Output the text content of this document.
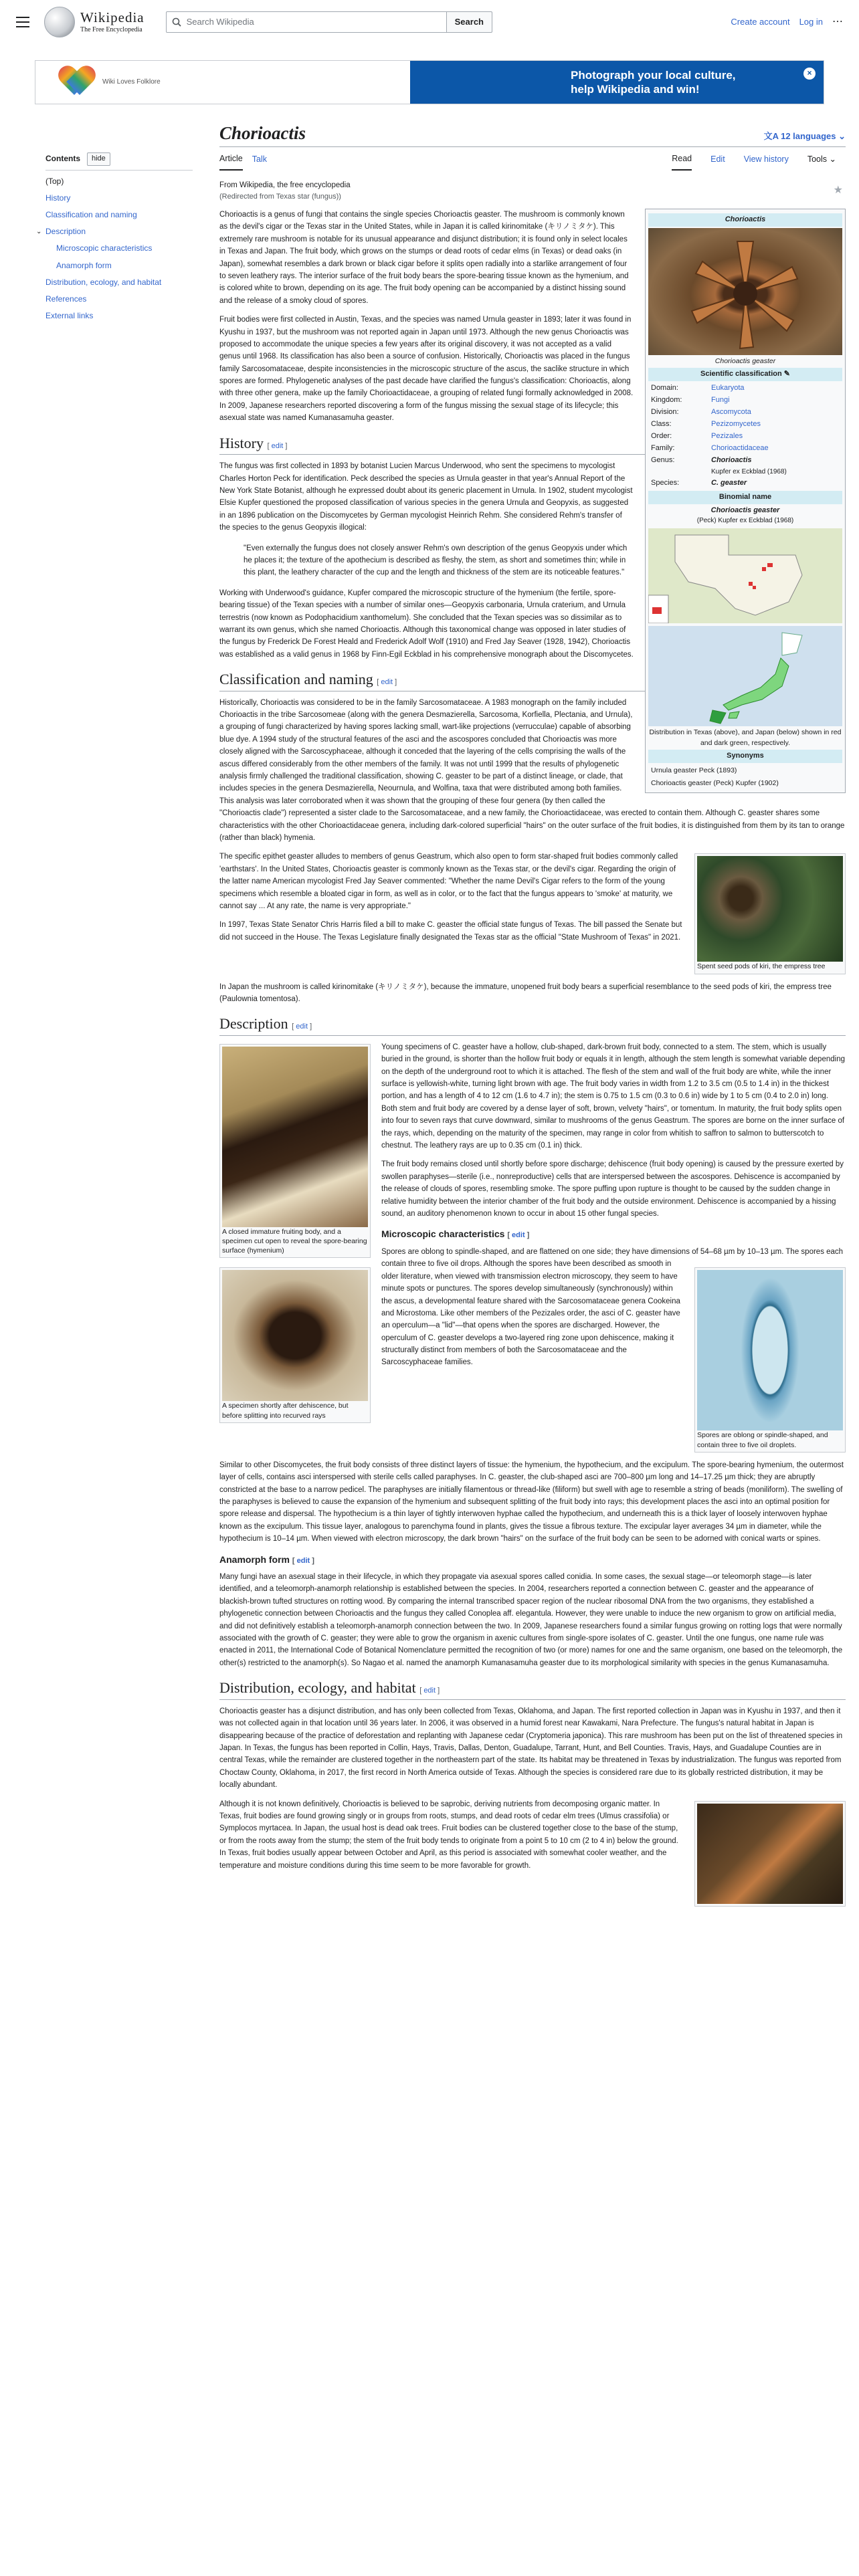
Wikipedia
The Free Encyclopedia
Search Wikipedia	Search	Create account Log in ⋯
Wiki Loves Folklore
Photograph your local culture,
help Wikipedia and win!
×
Contents	hide
(Top)
History
Classification and naming
Description
⌄
Microscopic characteristics
Anamorph form
Distribution, ecology, and habitat
References
External links
Chorioactis	文A 12 languages ⌄
Article Talk	Read Edit View history Tools ⌄
★
From Wikipedia, the free encyclopedia
(Redirected from Texas star (fungus))
Chorioactis
Chorioactis geaster
Scientific classification ✎
Domain:	Eukaryota
Kingdom:	Fungi
Division:	Ascomycota
Class:	Pezizomycetes
Order:	Pezizales
Family:	Chorioactidaceae
Genus:	Chorioactis
Kupfer ex Eckblad (1968)
Species:	C. geaster
Binomial name
Chorioactis geaster
(Peck) Kupfer ex Eckblad (1968)
Distribution in Texas (above), and Japan (below) shown in red and dark green, respectively.
Synonyms
Urnula geaster Peck (1893)
Chorioactis geaster (Peck) Kupfer (1902)

Chorioactis is a genus of fungi that contains the single species Chorioactis geaster. The mushroom is commonly known as the devil's cigar or the Texas star in the United States, while in Japan it is called kirinomitake (キリノミタケ). This extremely rare mushroom is notable for its unusual appearance and disjunct distribution; it is found only in select locales in Texas and Japan. The fruit body, which grows on the stumps or dead roots of cedar elms (in Texas) or dead oaks (in Japan), somewhat resembles a dark brown or black cigar before it splits open radially into a starlike arrangement of four to seven leathery rays. The interior surface of the fruit body bears the spore-bearing tissue known as the hymenium, and is colored white to brown, depending on its age. The fruit body opening can be accompanied by a distinct hissing sound and the release of a smoky cloud of spores.

Fruit bodies were first collected in Austin, Texas, and the species was named Urnula geaster in 1893; later it was found in Kyushu in 1937, but the mushroom was not reported again in Japan until 1973. Although the new genus Chorioactis was proposed to accommodate the unique species a few years after its original discovery, it was not accepted as a valid genus until 1968. Its classification has also been a source of confusion. Historically, Chorioactis was placed in the fungus family Sarcosomataceae, despite inconsistencies in the microscopic structure of the ascus, the saclike structure in which spores are formed. Phylogenetic analyses of the past decade have clarified the fungus's classification: Chorioactis, along with three other genera, make up the family Chorioactidaceae, a grouping of related fungi formally acknowledged in 2008. In 2009, Japanese researchers reported discovering a form of the fungus missing the sexual stage of its lifecycle; this asexual state was named Kumanasamuha geaster.

History [ edit ]

The fungus was first collected in 1893 by botanist Lucien Marcus Underwood, who sent the specimens to mycologist Charles Horton Peck for identification. Peck described the species as Urnula geaster in that year's Annual Report of the New York State Botanist, although he expressed doubt about its generic placement in Urnula. In 1902, student mycologist Elsie Kupfer questioned the proposed classification of various species in the genera Urnula and Geopyxis, as suggested in an 1896 publication on the Discomycetes by German mycologist Heinrich Rehm. She considered Rehm's transfer of the species to the genus Geopyxis illogical:

"Even externally the fungus does not closely answer Rehm's own description of the genus Geopyxis under which he places it; the texture of the apothecium is described as fleshy, the stem, as short and sometimes thin; while in this plant, the leathery character of the cup and the length and thickness of the stem are its noticeable features."

Working with Underwood's guidance, Kupfer compared the microscopic structure of the hymenium (the fertile, spore-bearing tissue) of the Texan species with a number of similar ones—Geopyxis carbonaria, Urnula craterium, and Urnula terrestris (now known as Podophacidium xanthomelum). She concluded that the Texan species was so dissimilar as to warrant its own genus, which she named Chorioactis. Although this taxonomical change was opposed in later studies of the fungus by Frederick De Forest Heald and Frederick Adolf Wolf (1910) and Fred Jay Seaver (1928, 1942), Chorioactis was established as a valid genus in 1968 by Finn-Egil Eckblad in his comprehensive monograph about the Discomycetes.

Classification and naming [ edit ]

Historically, Chorioactis was considered to be in the family Sarcosomataceae. A 1983 monograph on the family included Chorioactis in the tribe Sarcosomeae (along with the genera Desmazierella, Sarcosoma, Korfiella, Plectania, and Urnula), a grouping of fungi characterized by having spores lacking small, wart-like projections (verrucculae) capable of absorbing blue dye. A 1994 study of the structural features of the asci and the ascospores concluded that Chorioactis was more closely aligned with the Sarcoscyphaceae, although it conceded that the layering of the cells comprising the walls of the ascus differed considerably from the other members of the family. It was not until 1999 that the results of phylogenetic analysis firmly challenged the traditional classification, showing C. geaster to be part of a distinct lineage, or clade, that includes species in the genera Desmazierella, Neournula, and Wolfina, taxa that were distributed among both families. This analysis was later corroborated when it was shown that the grouping of these four genera (by then called the "Chorioactis clade") represented a sister clade to the Sarcosomataceae, and a new family, the Chorioactidaceae, was erected to contain them. Although C. geaster shares some characteristics with the other Chorioactidaceae genera, including dark-colored superficial "hairs" on the outer surface of the fruit bodies, it is distinguished from them by its tan to orange (rather than black) hymenia.

Spent seed pods of kiri, the empress tree

The specific epithet geaster alludes to members of genus Geastrum, which also open to form star-shaped fruit bodies commonly called 'earthstars'. In the United States, Chorioactis geaster is commonly known as the Texas star, or the devil's cigar. Regarding the origin of the latter name American mycologist Fred Jay Seaver commented: "Whether the name Devil's Cigar refers to the form of the young specimens which resemble a bloated cigar in form, as well as in color, or to the fact that the fungus appears to 'smoke' at maturity, we cannot say ... At any rate, the name is very appropriate."

In 1997, Texas State Senator Chris Harris filed a bill to make C. geaster the official state fungus of Texas. The bill passed the Senate but did not succeed in the House. The Texas Legislature finally designated the Texas star as the official "State Mushroom of Texas" in 2021.

In Japan the mushroom is called kirinomitake (キリノミタケ), because the immature, unopened fruit body bears a superficial resemblance to the seed pods of kiri, the empress tree (Paulownia tomentosa).

Description [ edit ]
A closed immature fruiting body, and a specimen cut open to reveal the spore-bearing surface (hymenium)

Young specimens of C. geaster have a hollow, club-shaped, dark-brown fruit body, connected to a stem. The stem, which is usually buried in the ground, is shorter than the hollow fruit body or equals it in length, although the stem length is somewhat variable depending on the depth of the underground root to which it is attached. The flesh of the stem and wall of the fruit body are white, while the inner surface is yellowish-white, turning light brown with age. The fruit body varies in width from 1.2 to 3.5 cm (0.5 to 1.4 in) in the thickest portion, and has a length of 4 to 12 cm (1.6 to 4.7 in); the stem is 0.75 to 1.5 cm (0.3 to 0.6 in) wide by 1 to 5 cm (0.4 to 2.0 in) long. Both stem and fruit body are covered by a dense layer of soft, brown, velvety "hairs", or tomentum. In maturity, the fruit body splits open into four to seven rays that curve downward, similar to mushrooms of the genus Geastrum. The spores are borne on the inner surface of the rays, which, depending on the maturity of the specimen, may range in color from whitish to saffron to salmon to butterscotch to chestnut. The leathery rays are up to 0.35 cm (0.1 in) thick.

The fruit body remains closed until shortly before spore discharge; dehiscence (fruit body opening) is caused by the pressure exerted by swollen paraphyses—sterile (i.e., nonreproductive) cells that are interspersed between the ascospores. Dehiscence is accompanied by the release of clouds of spores, resembling smoke. The spore puffing upon rupture is thought to be caused by the sudden change in relative humidity between the interior chamber of the fruit body and the outside environment. Dehiscence is accompanied by a hissing sound, an auditory phenomenon known to occur in about 15 other fungal species.

A specimen shortly after dehiscence, but before splitting into recurved rays
Microscopic characteristics [ edit ]
Spores are oblong or spindle-shaped, and contain three to five oil droplets.

Spores are oblong to spindle-shaped, and are flattened on one side; they have dimensions of 54–68 µm by 10–13 µm. The spores each contain three to five oil drops. Although the spores have been described as smooth in older literature, when viewed with transmission electron microscopy, they seem to have minute spots or punctures. The spores develop simultaneously (synchronously) within the ascus, a developmental feature shared with the Sarcosomataceae genera Cookeina and Microstoma. Like other members of the Pezizales order, the asci of C. geaster have an operculum—a "lid"—that opens when the spores are discharged. However, the operculum of C. geaster develops a two-layered ring zone upon dehiscence, making it structurally distinct from members of both the Sarcosomataceae and the Sarcoscyphaceae families.

Similar to other Discomycetes, the fruit body consists of three distinct layers of tissue: the hymenium, the hypothecium, and the excipulum. The spore-bearing hymenium, the outermost layer of cells, contains asci interspersed with sterile cells called paraphyses. In C. geaster, the club-shaped asci are 700–800 µm long and 14–17.25 µm thick; they are abruptly constricted at the base to a narrow pedicel. The paraphyses are initially filamentous or thread-like (filiform) but swell with age to resemble a string of beads (moniliform). The swelling of the paraphyses is believed to cause the expansion of the hymenium and subsequent splitting of the fruit body into rays; this development places the asci into an optimal position for spore release and dispersal. The hypothecium is a thin layer of tightly interwoven hyphae called the hypothecium, and underneath this is a thick layer of loosely interwoven hyphae known as the excipulum. This tissue layer, analogous to parenchyma found in plants, gives the tissue a fibrous texture. The excipular layer averages 34 µm in diameter, while the hypothecium is 10–14 µm. When viewed with electron microscopy, the dark brown "hairs" on the surface of the fruit body can be seen to be adorned with conical warts or spines.

Anamorph form [ edit ]

Many fungi have an asexual stage in their lifecycle, in which they propagate via asexual spores called conidia. In some cases, the sexual stage—or teleomorph stage—is later identified, and a teleomorph-anamorph relationship is established between the species. In 2004, researchers reported a connection between C. geaster and the appearance of blackish-brown tufted structures on rotting wood. By comparing the internal transcribed spacer region of the nuclear ribosomal DNA from the two organisms, they established a phylogenetic connection between Chorioactis and the fungus they called Conoplea aff. elegantula. However, they were unable to induce the new organism to grow on artificial media, and did not definitively establish a teleomorph-anamorph connection between the two. In 2009, Japanese researchers found a similar fungus growing on rotting logs that were normally associated with the growth of C. geaster; they were able to grow the organism in axenic cultures from single-spore isolates of C. geaster. Until the one fungus, one name rule was enacted in 2011, the International Code of Botanical Nomenclature permitted the recognition of two (or more) names for one and the same organism, one based on the teleomorph, the other(s) restricted to the anamorph(s). So Nagao et al. named the anamorph Kumanasamuha geaster due to its morphological similarity with species in the genus Kumanasamuha.

Distribution, ecology, and habitat [ edit ]

Chorioactis geaster has a disjunct distribution, and has only been collected from Texas, Oklahoma, and Japan. The first reported collection in Japan was in Kyushu in 1937, and then it was not collected again in that location until 36 years later. In 2006, it was observed in a humid forest near Kawakami, Nara Prefecture. The fungus's natural habitat in Japan is disappearing because of the practice of deforestation and replanting with Japanese cedar (Cryptomeria japonica). This rare mushroom has been put on the list of threatened species in Japan. In Texas, the fungus has been reported in Collin, Hays, Travis, Dallas, Denton, Guadalupe, Tarrant, Hunt, and Bell Counties. Travis, Hays, and Guadalupe Counties are in central Texas, while the remainder are clustered together in the northeastern part of the state. Its habitat may be threatened in Texas by industrialization. The fungus was reported from Choctaw County, Oklahoma, in 2017, the first record in North America outside of Texas. Although the species is considered rare due to its globally restricted distribution, it may be locally abundant.

Although it is not known definitively, Chorioactis is believed to be saprobic, deriving nutrients from decomposing organic matter. In Texas, fruit bodies are found growing singly or in groups from roots, stumps, and dead roots of cedar elm trees (Ulmus crassifolia) or Symplocos myrtacea. In Japan, the usual host is dead oak trees. Fruit bodies can be clustered together close to the base of the stump, or from the roots away from the stump; the stem of the fruit body tends to originate from a point 5 to 10 cm (2 to 4 in) below the ground. In Texas, fruit bodies usually appear between October and April, as this period is associated with somewhat cooler weather, and the temperature and moisture conditions during this time seem to be more favorable for growth.
